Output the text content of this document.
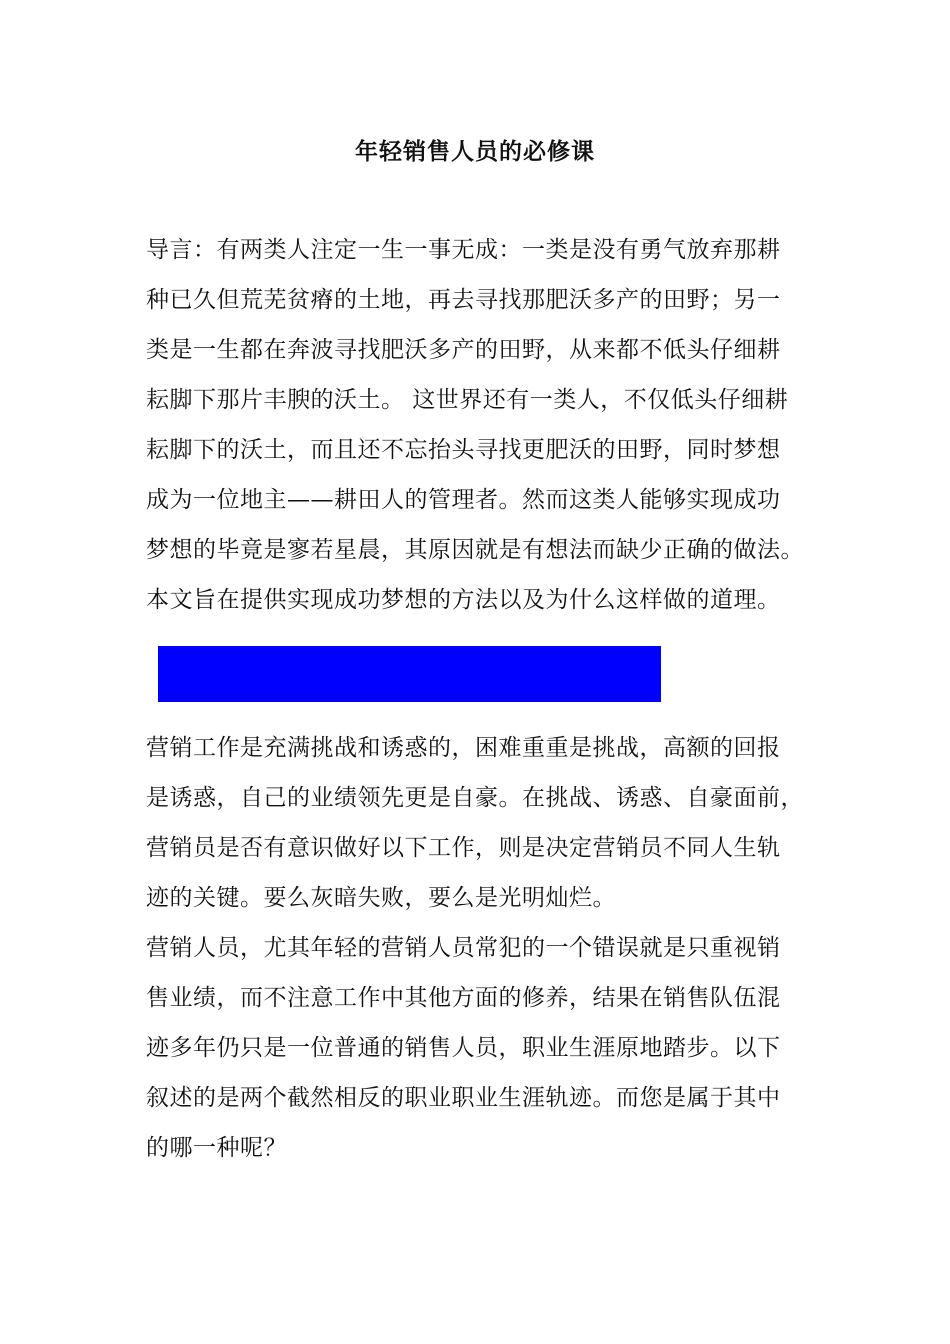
年轻销售人员的必修课
导言：有两类人注定一生一事无成：一类是没有勇气放弃那耕
种已久但荒芜贫瘠的土地，再去寻找那肥沃多产的田野；另一
类是一生都在奔波寻找肥沃多产的田野，从来都不低头仔细耕
耘脚下那片丰腴的沃土。 这世界还有一类人，不仅低头仔细耕
耘脚下的沃土，而且还不忘抬头寻找更肥沃的田野，同时梦想
成为一位地主——耕田人的管理者。然而这类人能够实现成功
梦想的毕竟是寥若星晨，其原因就是有想法而缺少正确的做法。
本文旨在提供实现成功梦想的方法以及为什么这样做的道理。
营销工作是充满挑战和诱惑的，困难重重是挑战，高额的回报
是诱惑，自己的业绩领先更是自豪。在挑战、诱惑、自豪面前，
营销员是否有意识做好以下工作，则是决定营销员不同人生轨
迹的关键。要么灰暗失败，要么是光明灿烂。
营销人员，尤其年轻的营销人员常犯的一个错误就是只重视销
售业绩，而不注意工作中其他方面的修养，结果在销售队伍混
迹多年仍只是一位普通的销售人员，职业生涯原地踏步。以下
叙述的是两个截然相反的职业职业生涯轨迹。而您是属于其中
的哪一种呢？
